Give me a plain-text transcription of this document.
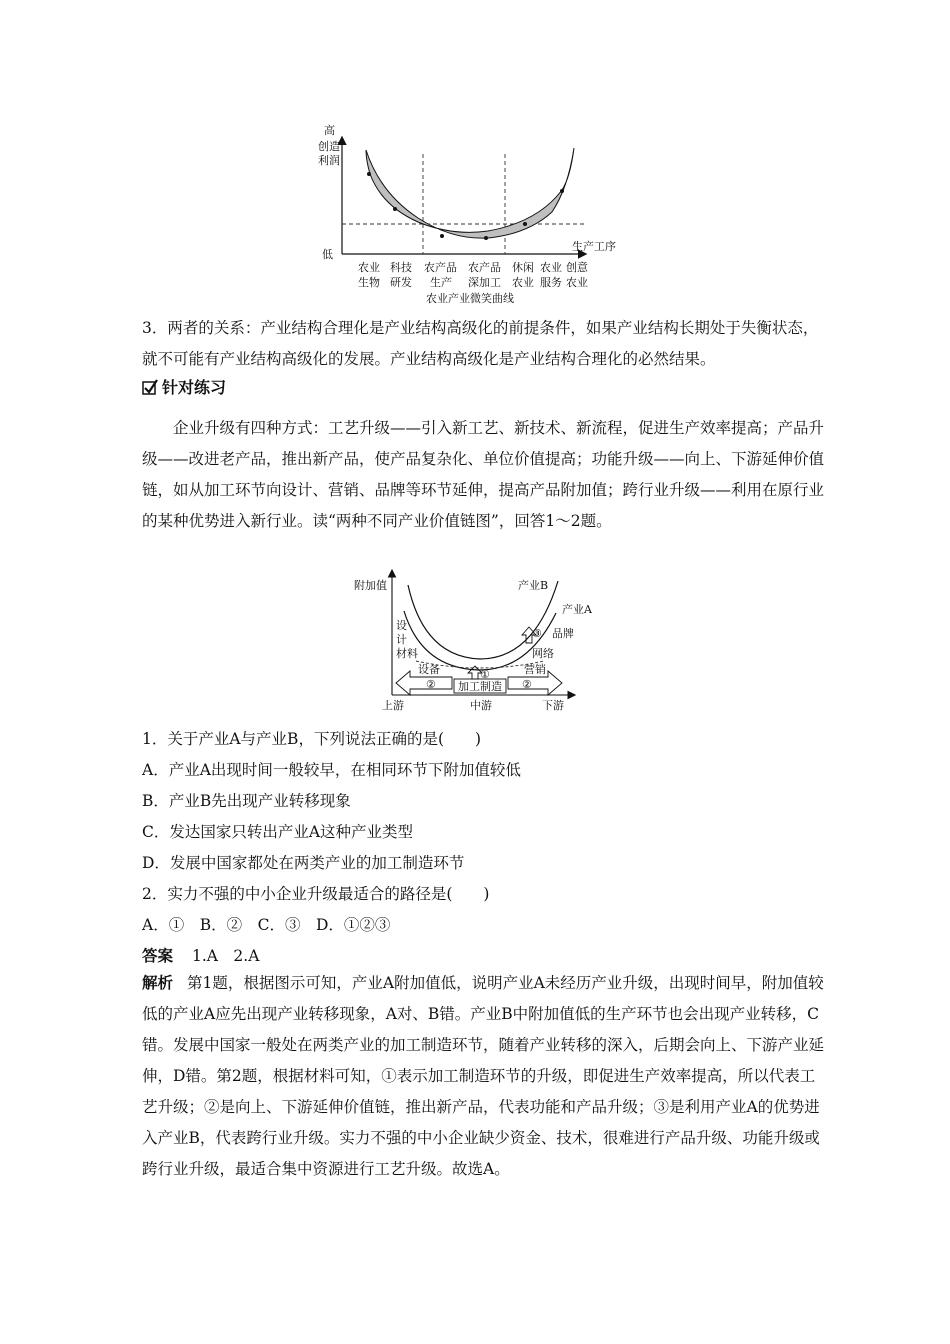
高
创造
利润
低
生产工序
农业
生物
科技
研发
农产品
生产
农产品
深加工
休闲
农业
农业
服务
创意
农业
农业产业微笑曲线
3．两者的关系：产业结构合理化是产业结构高级化的前提条件，如果产业结构长期处于失衡状态，就不可能有产业结构高级化的发展。产业结构高级化是产业结构合理化的必然结果。
针对练习
企业升级有四种方式：工艺升级——引入新工艺、新技术、新流程，促进生产效率提高；产品升级——改进老产品，推出新产品，使产品复杂化、单位价值提高；功能升级——向上、下游延伸价值链，如从加工环节向设计、营销、品牌等环节延伸，提高产品附加值；跨行业升级——利用在原行业的某种优势进入新行业。读“两种不同产业价值链图”，回答1～2题。
附加值	产业B
产业A
设
计
材料
设备
品牌
网络
营销
③
①
②	②
加工制造
上游	中游	下游
1．关于产业A与产业B，下列说法正确的是(　　)
A．产业A出现时间一般较早，在相同环节下附加值较低
B．产业B先出现产业转移现象
C．发达国家只转出产业A这种产业类型
D．发展中国家都处在两类产业的加工制造环节
2．实力不强的中小企业升级最适合的路径是(　　)
A．①　B．②　C．③　D．①②③
答案 1.A　2.A
解析 第1题，根据图示可知，产业A附加值低，说明产业A未经历产业升级，出现时间早，附加值较低的产业A应先出现产业转移现象，A对、B错。产业B中附加值低的生产环节也会出现产业转移，C错。发展中国家一般处在两类产业的加工制造环节，随着产业转移的深入，后期会向上、下游产业延伸，D错。第2题，根据材料可知，①表示加工制造环节的升级，即促进生产效率提高，所以代表工艺升级；②是向上、下游延伸价值链，推出新产品，代表功能和产品升级；③是利用产业A的优势进入产业B，代表跨行业升级。实力不强的中小企业缺少资金、技术，很难进行产品升级、功能升级或跨行业升级，最适合集中资源进行工艺升级。故选A。
